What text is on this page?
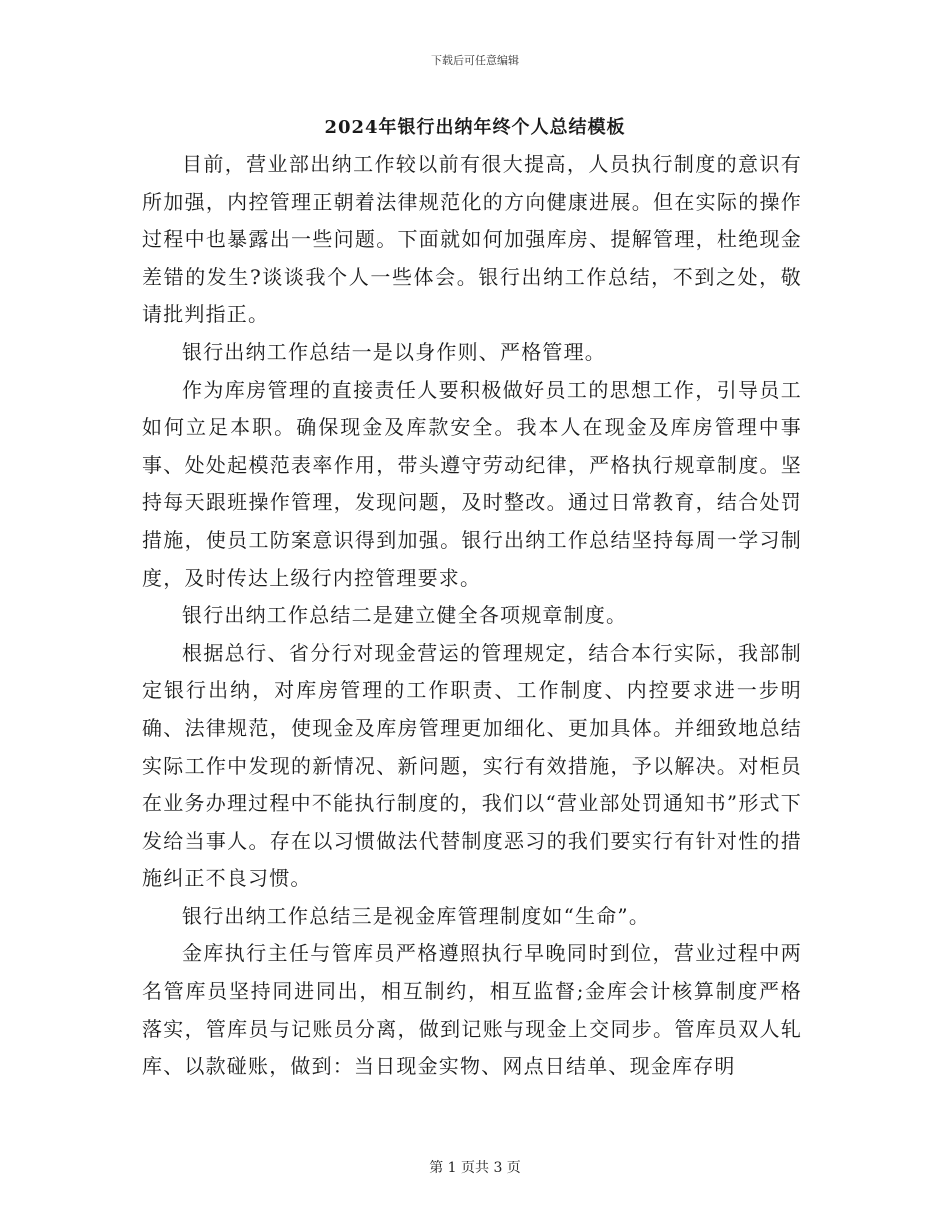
下载后可任意编辑
2024年银行出纳年终个人总结模板

目前，营业部出纳工作较以前有很大提高，人员执行制度的意识有所加强，内控管理正朝着法律规范化的方向健康进展。但在实际的操作过程中也暴露出一些问题。下面就如何加强库房、提解管理，杜绝现金差错的发生?谈谈我个人一些体会。银行出纳工作总结，不到之处，敬请批判指正。

银行出纳工作总结一是以身作则、严格管理。

作为库房管理的直接责任人要积极做好员工的思想工作，引导员工如何立足本职。确保现金及库款安全。我本人在现金及库房管理中事事、处处起模范表率作用，带头遵守劳动纪律，严格执行规章制度。坚持每天跟班操作管理，发现问题，及时整改。通过日常教育，结合处罚措施，使员工防案意识得到加强。银行出纳工作总结坚持每周一学习制度，及时传达上级行内控管理要求。

银行出纳工作总结二是建立健全各项规章制度。

根据总行、省分行对现金营运的管理规定，结合本行实际，我部制定银行出纳，对库房管理的工作职责、工作制度、内控要求进一步明确、法律规范，使现金及库房管理更加细化、更加具体。并细致地总结实际工作中发现的新情况、新问题，实行有效措施，予以解决。对柜员在业务办理过程中不能执行制度的，我们以“营业部处罚通知书”形式下发给当事人。存在以习惯做法代替制度恶习的我们要实行有针对性的措施纠正不良习惯。

银行出纳工作总结三是视金库管理制度如“生命”。

金库执行主任与管库员严格遵照执行早晚同时到位，营业过程中两名管库员坚持同进同出，相互制约，相互监督;金库会计核算制度严格落实，管库员与记账员分离，做到记账与现金上交同步。管库员双人轧库、以款碰账，做到：当日现金实物、网点日结单、现金库存明

第 1 页共 3 页
